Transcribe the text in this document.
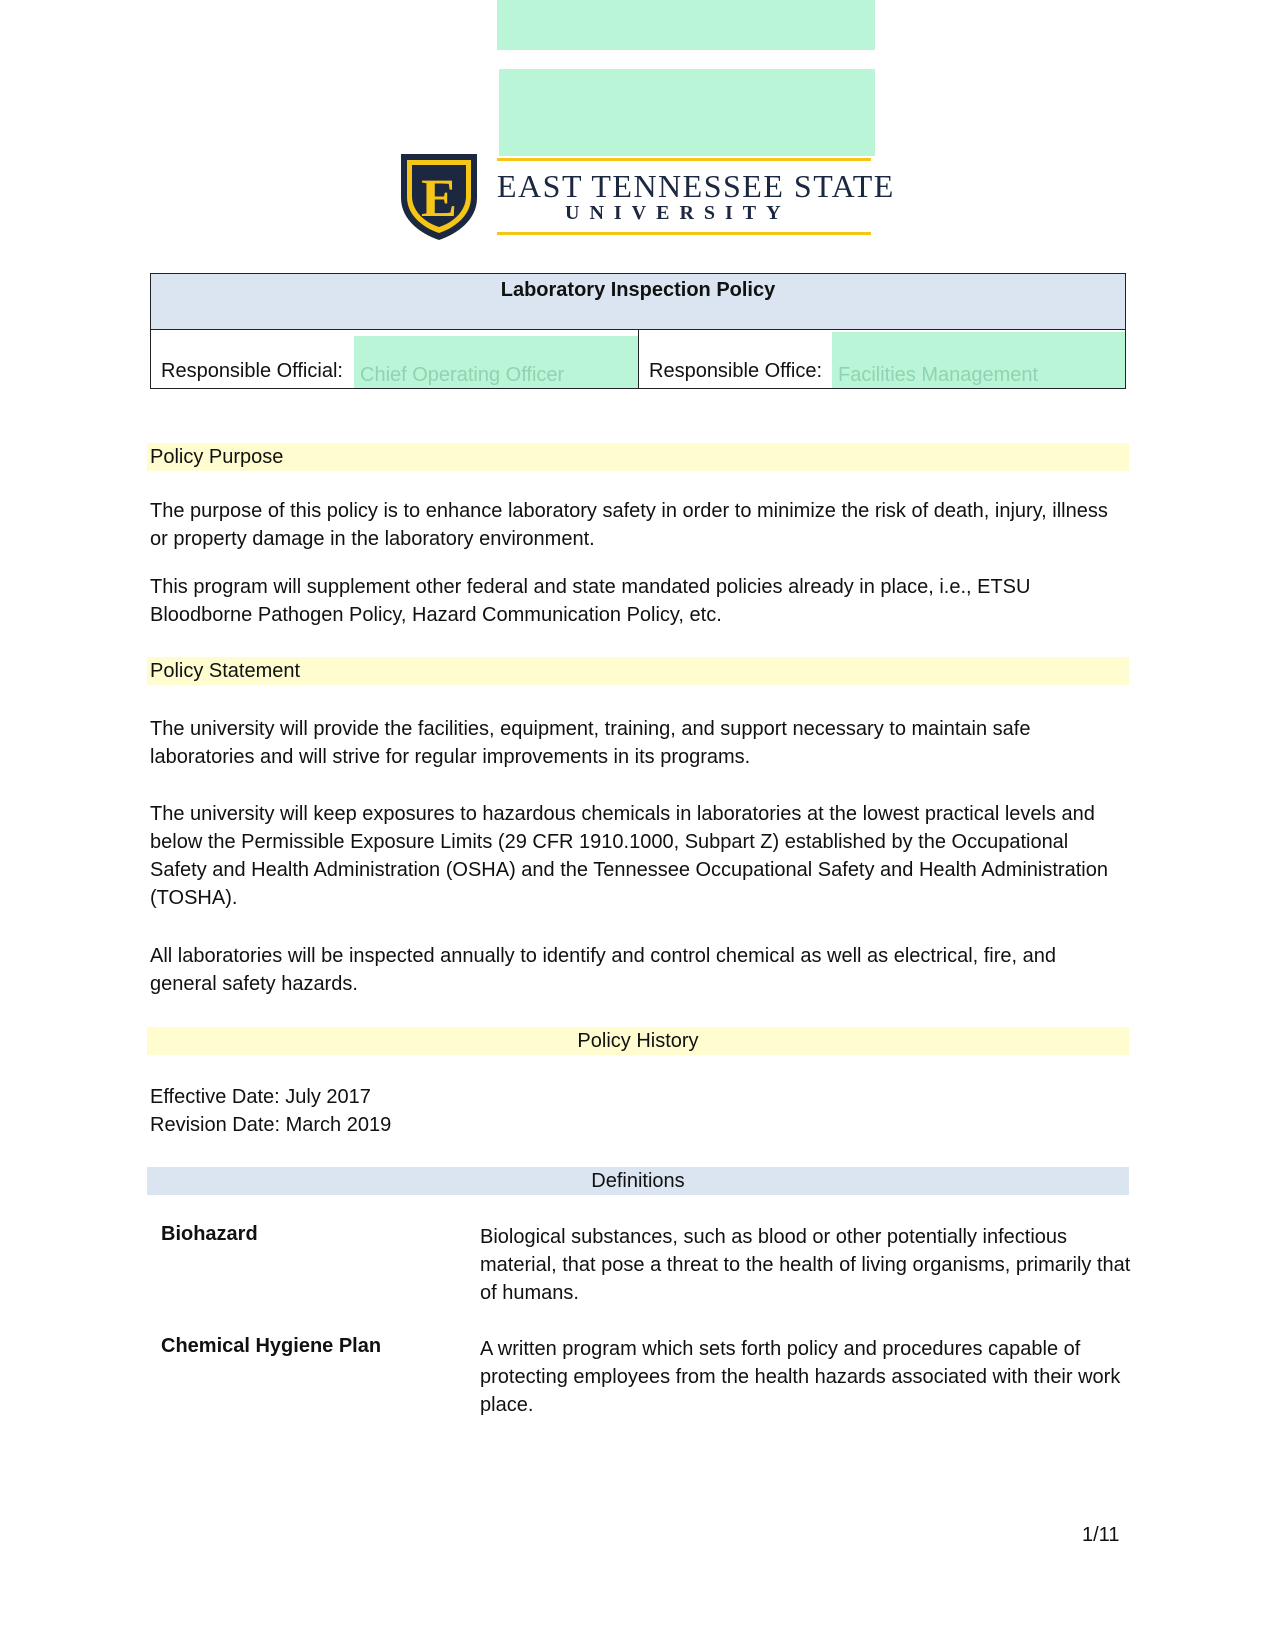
E EAST TENNESSEE STATE
UNIVERSITY
Laboratory Inspection Policy
Responsible Official: Chief Operating Officer	Responsible Office: Facilities Management
Policy Purpose
The purpose of this policy is to enhance laboratory safety in order to minimize the risk of death, injury, illness or property damage in the laboratory environment.
This program will supplement other federal and state mandated policies already in place, i.e., ETSU Bloodborne Pathogen Policy, Hazard Communication Policy, etc.
Policy Statement
The university will provide the facilities, equipment, training, and support necessary to maintain safe laboratories and will strive for regular improvements in its programs.
The university will keep exposures to hazardous chemicals in laboratories at the lowest practical levels and below the Permissible Exposure Limits (29 CFR 1910.1000, Subpart Z) established by the Occupational Safety and Health Administration (OSHA) and the Tennessee Occupational Safety and Health Administration (TOSHA).
All laboratories will be inspected annually to identify and control chemical as well as electrical, fire, and general safety hazards.
Policy History
Effective Date: July 2017
Revision Date: March 2019
Definitions
Biohazard	Biological substances, such as blood or other potentially infectious material, that pose a threat to the health of living organisms, primarily that of humans.
Chemical Hygiene Plan	A written program which sets forth policy and procedures capable of protecting employees from the health hazards associated with their work place.
1/11
